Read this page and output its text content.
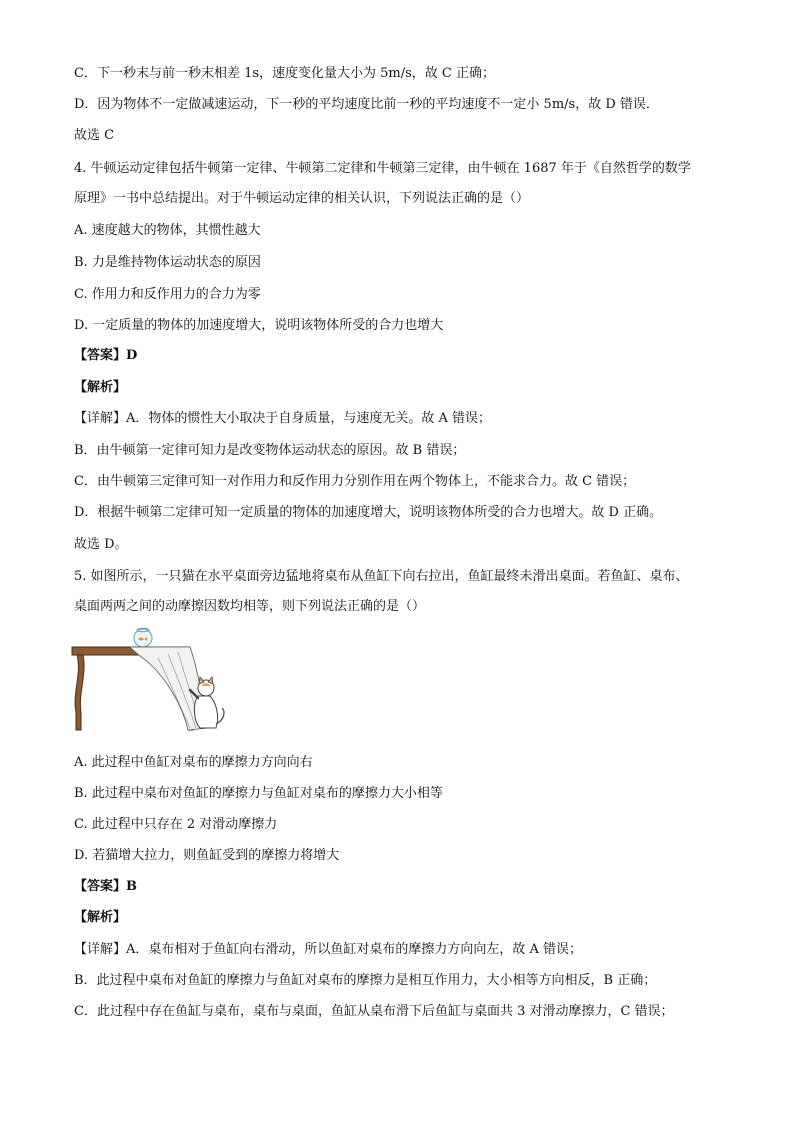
C．下一秒末与前一秒末相差 1s，速度变化量大小为 5m/s，故 C 正确；
D．因为物体不一定做减速运动，下一秒的平均速度比前一秒的平均速度不一定小 5m/s，故 D 错误．
故选 C
4. 牛顿运动定律包括牛顿第一定律、牛顿第二定律和牛顿第三定律，由牛顿在 1687 年于《自然哲学的数学
原理》一书中总结提出。对于牛顿运动定律的相关认识，下列说法正确的是（）
A. 速度越大的物体，其惯性越大
B. 力是维持物体运动状态的原因
C. 作用力和反作用力的合力为零
D. 一定质量的物体的加速度增大，说明该物体所受的合力也增大
【答案】D
【解析】
【详解】A．物体的惯性大小取决于自身质量，与速度无关。故 A 错误；
B．由牛顿第一定律可知力是改变物体运动状态的原因。故 B 错误；
C．由牛顿第三定律可知一对作用力和反作用力分别作用在两个物体上，不能求合力。故 C 错误；
D．根据牛顿第二定律可知一定质量的物体的加速度增大，说明该物体所受的合力也增大。故 D 正确。
故选 D。
5. 如图所示，一只猫在水平桌面旁边猛地将桌布从鱼缸下向右拉出，鱼缸最终未滑出桌面。若鱼缸、桌布、
桌面两两之间的动摩擦因数均相等，则下列说法正确的是（）
A. 此过程中鱼缸对桌布的摩擦力方向向右
B. 此过程中桌布对鱼缸的摩擦力与鱼缸对桌布的摩擦力大小相等
C. 此过程中只存在 2 对滑动摩擦力
D. 若猫增大拉力，则鱼缸受到的摩擦力将增大
【答案】B
【解析】
【详解】A．桌布相对于鱼缸向右滑动，所以鱼缸对桌布的摩擦力方向向左，故 A 错误；
B．此过程中桌布对鱼缸的摩擦力与鱼缸对桌布的摩擦力是相互作用力，大小相等方向相反，B 正确；
C．此过程中存在鱼缸与桌布，桌布与桌面，鱼缸从桌布滑下后鱼缸与桌面共 3 对滑动摩擦力，C 错误；
